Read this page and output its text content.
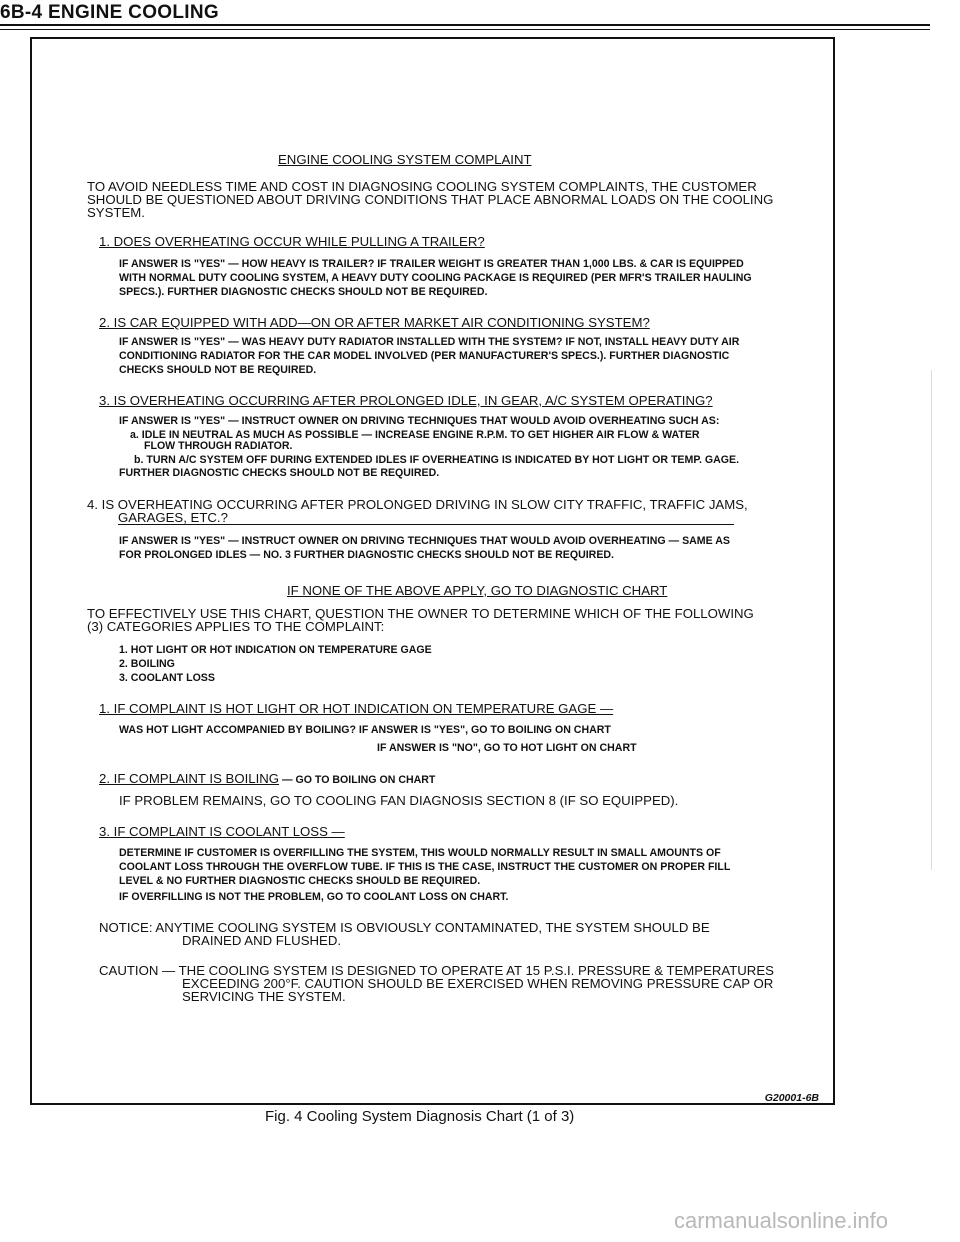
6B-4 ENGINE COOLING
ENGINE COOLING SYSTEM COMPLAINT
TO AVOID NEEDLESS TIME AND COST IN DIAGNOSING COOLING SYSTEM COMPLAINTS, THE CUSTOMER
SHOULD BE QUESTIONED ABOUT DRIVING CONDITIONS THAT PLACE ABNORMAL LOADS ON THE COOLING
SYSTEM.
1. DOES OVERHEATING OCCUR WHILE PULLING A TRAILER?
IF ANSWER IS "YES" — HOW HEAVY IS TRAILER? IF TRAILER WEIGHT IS GREATER THAN 1,000 LBS. & CAR IS EQUIPPED
WITH NORMAL DUTY COOLING SYSTEM, A HEAVY DUTY COOLING PACKAGE IS REQUIRED (PER MFR'S TRAILER HAULING
SPECS.). FURTHER DIAGNOSTIC CHECKS SHOULD NOT BE REQUIRED.
2. IS CAR EQUIPPED WITH ADD—ON OR AFTER MARKET AIR CONDITIONING SYSTEM?
IF ANSWER IS "YES" — WAS HEAVY DUTY RADIATOR INSTALLED WITH THE SYSTEM? IF NOT, INSTALL HEAVY DUTY AIR
CONDITIONING RADIATOR FOR THE CAR MODEL INVOLVED (PER MANUFACTURER'S SPECS.). FURTHER DIAGNOSTIC
CHECKS SHOULD NOT BE REQUIRED.
3. IS OVERHEATING OCCURRING AFTER PROLONGED IDLE, IN GEAR, A/C SYSTEM OPERATING?
IF ANSWER IS "YES" — INSTRUCT OWNER ON DRIVING TECHNIQUES THAT WOULD AVOID OVERHEATING SUCH AS:
a. IDLE IN NEUTRAL AS MUCH AS POSSIBLE — INCREASE ENGINE R.P.M. TO GET HIGHER AIR FLOW & WATER
FLOW THROUGH RADIATOR.
b. TURN A/C SYSTEM OFF DURING EXTENDED IDLES IF OVERHEATING IS INDICATED BY HOT LIGHT OR TEMP. GAGE.
FURTHER DIAGNOSTIC CHECKS SHOULD NOT BE REQUIRED.
4. IS OVERHEATING OCCURRING AFTER PROLONGED DRIVING IN SLOW CITY TRAFFIC, TRAFFIC JAMS,
GARAGES, ETC.?
IF ANSWER IS "YES" — INSTRUCT OWNER ON DRIVING TECHNIQUES THAT WOULD AVOID OVERHEATING — SAME AS
FOR PROLONGED IDLES — NO. 3 FURTHER DIAGNOSTIC CHECKS SHOULD NOT BE REQUIRED.
IF NONE OF THE ABOVE APPLY, GO TO DIAGNOSTIC CHART
TO EFFECTIVELY USE THIS CHART, QUESTION THE OWNER TO DETERMINE WHICH OF THE FOLLOWING
(3) CATEGORIES APPLIES TO THE COMPLAINT:
1. HOT LIGHT OR HOT INDICATION ON TEMPERATURE GAGE
2. BOILING
3. COOLANT LOSS
1. IF COMPLAINT IS HOT LIGHT OR HOT INDICATION ON TEMPERATURE GAGE —
WAS HOT LIGHT ACCOMPANIED BY BOILING? IF ANSWER IS "YES", GO TO BOILING ON CHART
IF ANSWER IS "NO", GO TO HOT LIGHT ON CHART
2. IF COMPLAINT IS BOILING — GO TO BOILING ON CHART
IF PROBLEM REMAINS, GO TO COOLING FAN DIAGNOSIS SECTION 8 (IF SO EQUIPPED).
3. IF COMPLAINT IS COOLANT LOSS —
DETERMINE IF CUSTOMER IS OVERFILLING THE SYSTEM, THIS WOULD NORMALLY RESULT IN SMALL AMOUNTS OF
COOLANT LOSS THROUGH THE OVERFLOW TUBE. IF THIS IS THE CASE, INSTRUCT THE CUSTOMER ON PROPER FILL
LEVEL & NO FURTHER DIAGNOSTIC CHECKS SHOULD BE REQUIRED.
IF OVERFILLING IS NOT THE PROBLEM, GO TO COOLANT LOSS ON CHART.
NOTICE: ANYTIME COOLING SYSTEM IS OBVIOUSLY CONTAMINATED, THE SYSTEM SHOULD BE
DRAINED AND FLUSHED.
CAUTION — THE COOLING SYSTEM IS DESIGNED TO OPERATE AT 15 P.S.I. PRESSURE & TEMPERATURES
EXCEEDING 200°F. CAUTION SHOULD BE EXERCISED WHEN REMOVING PRESSURE CAP OR
SERVICING THE SYSTEM.
G20001-6B
Fig. 4 Cooling System Diagnosis Chart (1 of 3)
carmanualsonline.info
